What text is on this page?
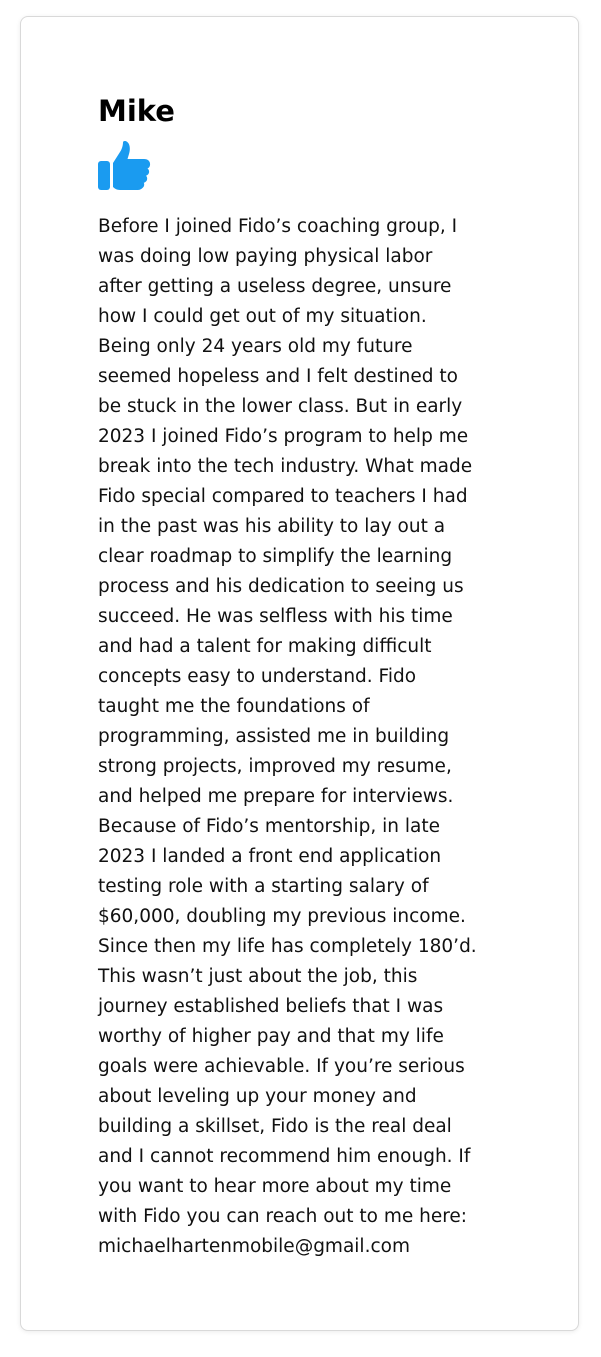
Mike

Before I joined Fido’s coaching group, I
was doing low paying physical labor
after getting a useless degree, unsure
how I could get out of my situation.
Being only 24 years old my future
seemed hopeless and I felt destined to
be stuck in the lower class. But in early
2023 I joined Fido’s program to help me
break into the tech industry. What made
Fido special compared to teachers I had
in the past was his ability to lay out a
clear roadmap to simplify the learning
process and his dedication to seeing us
succeed. He was selfless with his time
and had a talent for making difficult
concepts easy to understand. Fido
taught me the foundations of
programming, assisted me in building
strong projects, improved my resume,
and helped me prepare for interviews.
Because of Fido’s mentorship, in late
2023 I landed a front end application
testing role with a starting salary of
$60,000, doubling my previous income.
Since then my life has completely 180’d.
This wasn’t just about the job, this
journey established beliefs that I was
worthy of higher pay and that my life
goals were achievable. If you’re serious
about leveling up your money and
building a skillset, Fido is the real deal
and I cannot recommend him enough. If
you want to hear more about my time
with Fido you can reach out to me here:
michaelhartenmobile@gmail.com
